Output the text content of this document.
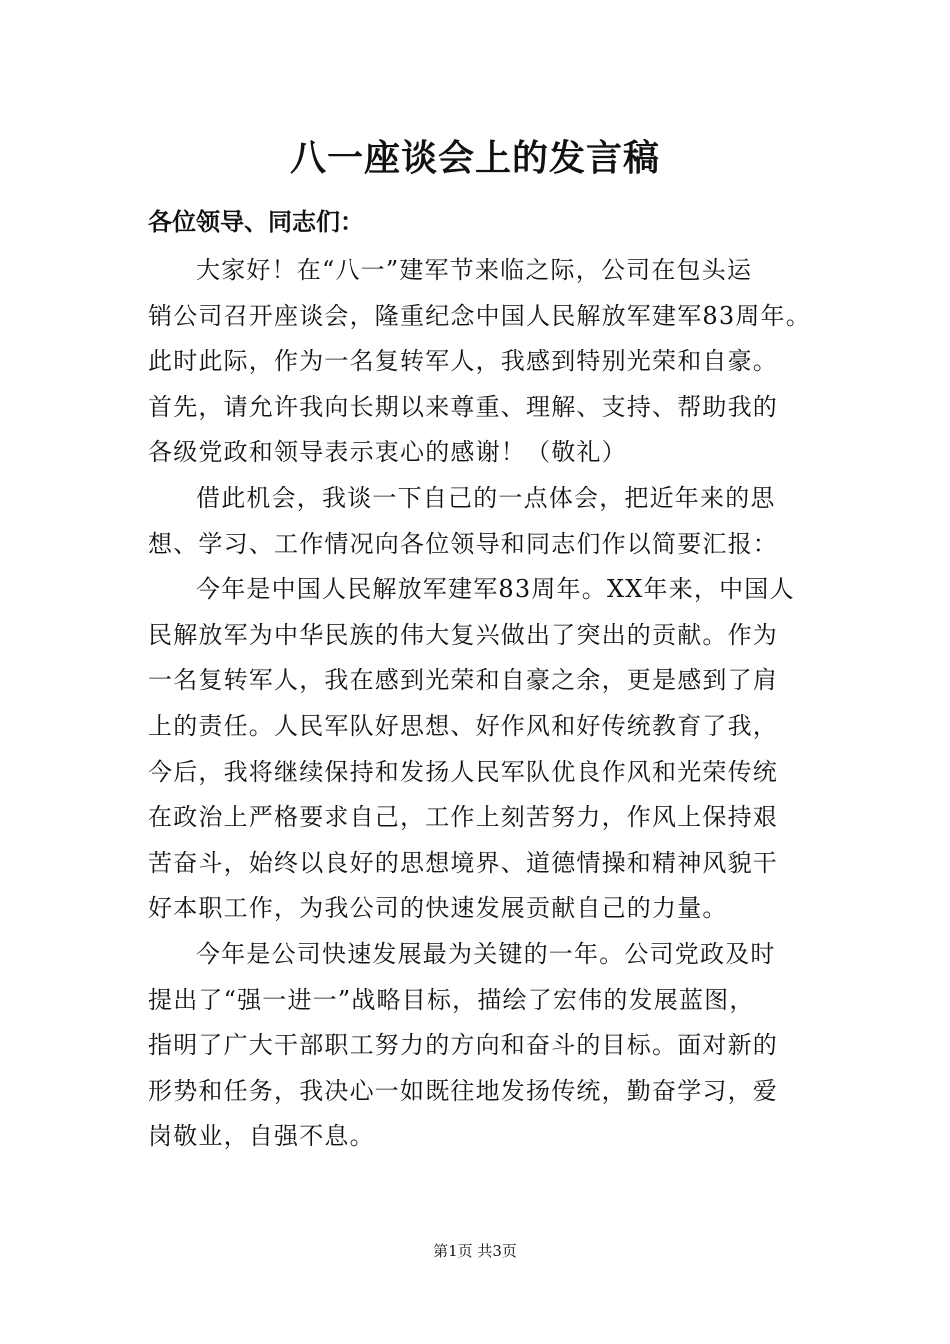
八一座谈会上的发言稿
各位领导、同志们：
大家好！在“八一”建军节来临之际，公司在包头运
销公司召开座谈会，隆重纪念中国人民解放军建军83周年。
此时此际，作为一名复转军人，我感到特别光荣和自豪。
首先，请允许我向长期以来尊重、理解、支持、帮助我的
各级党政和领导表示衷心的感谢！（敬礼）
借此机会，我谈一下自己的一点体会，把近年来的思
想、学习、工作情况向各位领导和同志们作以简要汇报：
今年是中国人民解放军建军83周年。XX年来，中国人
民解放军为中华民族的伟大复兴做出了突出的贡献。作为
一名复转军人，我在感到光荣和自豪之余，更是感到了肩
上的责任。人民军队好思想、好作风和好传统教育了我，
今后，我将继续保持和发扬人民军队优良作风和光荣传统
在政治上严格要求自己，工作上刻苦努力，作风上保持艰
苦奋斗，始终以良好的思想境界、道德情操和精神风貌干
好本职工作，为我公司的快速发展贡献自己的力量。
今年是公司快速发展最为关键的一年。公司党政及时
提出了“强一进一”战略目标，描绘了宏伟的发展蓝图，
指明了广大干部职工努力的方向和奋斗的目标。面对新的
形势和任务，我决心一如既往地发扬传统，勤奋学习，爱
岗敬业，自强不息。
第1页 共3页
